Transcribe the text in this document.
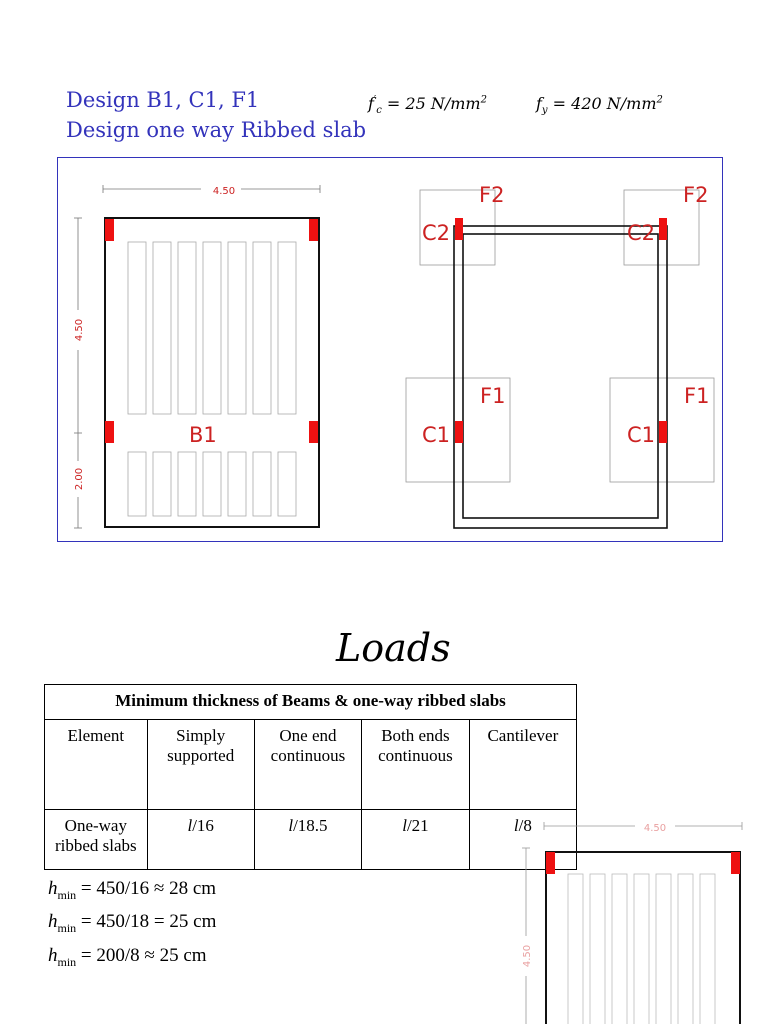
Design B1, C1, F1
Design one way Ribbed slab
$f'_c = 25$ $N/mm^2$	$f_y = 420$ $N/mm^2$
4.50
4.50
2.00
B1
F2	F2
C2	C2
F1	F1
C1	C1
Loads
Minimum thickness of Beams & one-way ribbed slabs				
Element	Simply supported	One end continuous	Both ends continuous	Cantilever
One-way ribbed slabs	l/16	l/18.5	l/21	l/8
$h_{min} = 450/16 \approx 28$ cm
$h_{min} = 450/18 = 25$ cm
$h_{min} = 200/8 \approx 25$ cm
4.50
4.50
